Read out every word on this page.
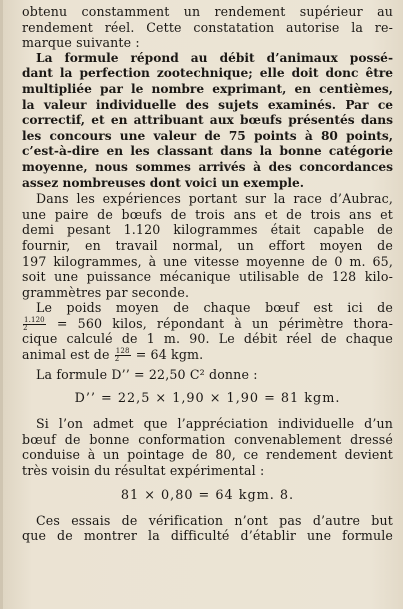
obtenu constamment un rendement supérieur au
rendement réel. Cette constatation autorise la re-
marque suivante :
La formule répond au débit d’animaux possé-
dant la perfection zootechnique; elle doit donc être
multipliée par le nombre exprimant, en centièmes,
la valeur individuelle des sujets examinés. Par ce
correctif, et en attribuant aux bœufs présentés dans
les concours une valeur de 75 points à 80 points,
c’est-à-dire en les classant dans la bonne catégorie
moyenne, nous sommes arrivés à des concordances
assez nombreuses dont voici un exemple.
Dans les expériences portant sur la race d’Aubrac,
une paire de bœufs de trois ans et de trois ans et
demi pesant 1.120 kilogrammes était capable de
fournir, en travail normal, un effort moyen de
197 kilogrammes, à une vitesse moyenne de 0 m. 65,
soit une puissance mécanique utilisable de 128 kilo-
grammètres par seconde.
Le poids moyen de chaque bœuf est ici de
$\frac{1.120}{2} = 560$ kilos, répondant à un périmètre thora-
cique calculé de 1 m. 90. Le débit réel de chaque
animal est de $\frac{128}{2} = 64$ kgm.
La formule D’’ = 22,50 C² donne :
D’’ = 22,5 × 1,90 × 1,90 = 81 kgm.
Si l’on admet que l’appréciation individuelle d’un
bœuf de bonne conformation convenablement dressé
conduise à un pointage de 80, ce rendement devient
très voisin du résultat expérimental :
81 × 0,80 = 64 kgm. 8.
Ces essais de vérification n’ont pas d’autre but
que de montrer la difficulté d’établir une formule
